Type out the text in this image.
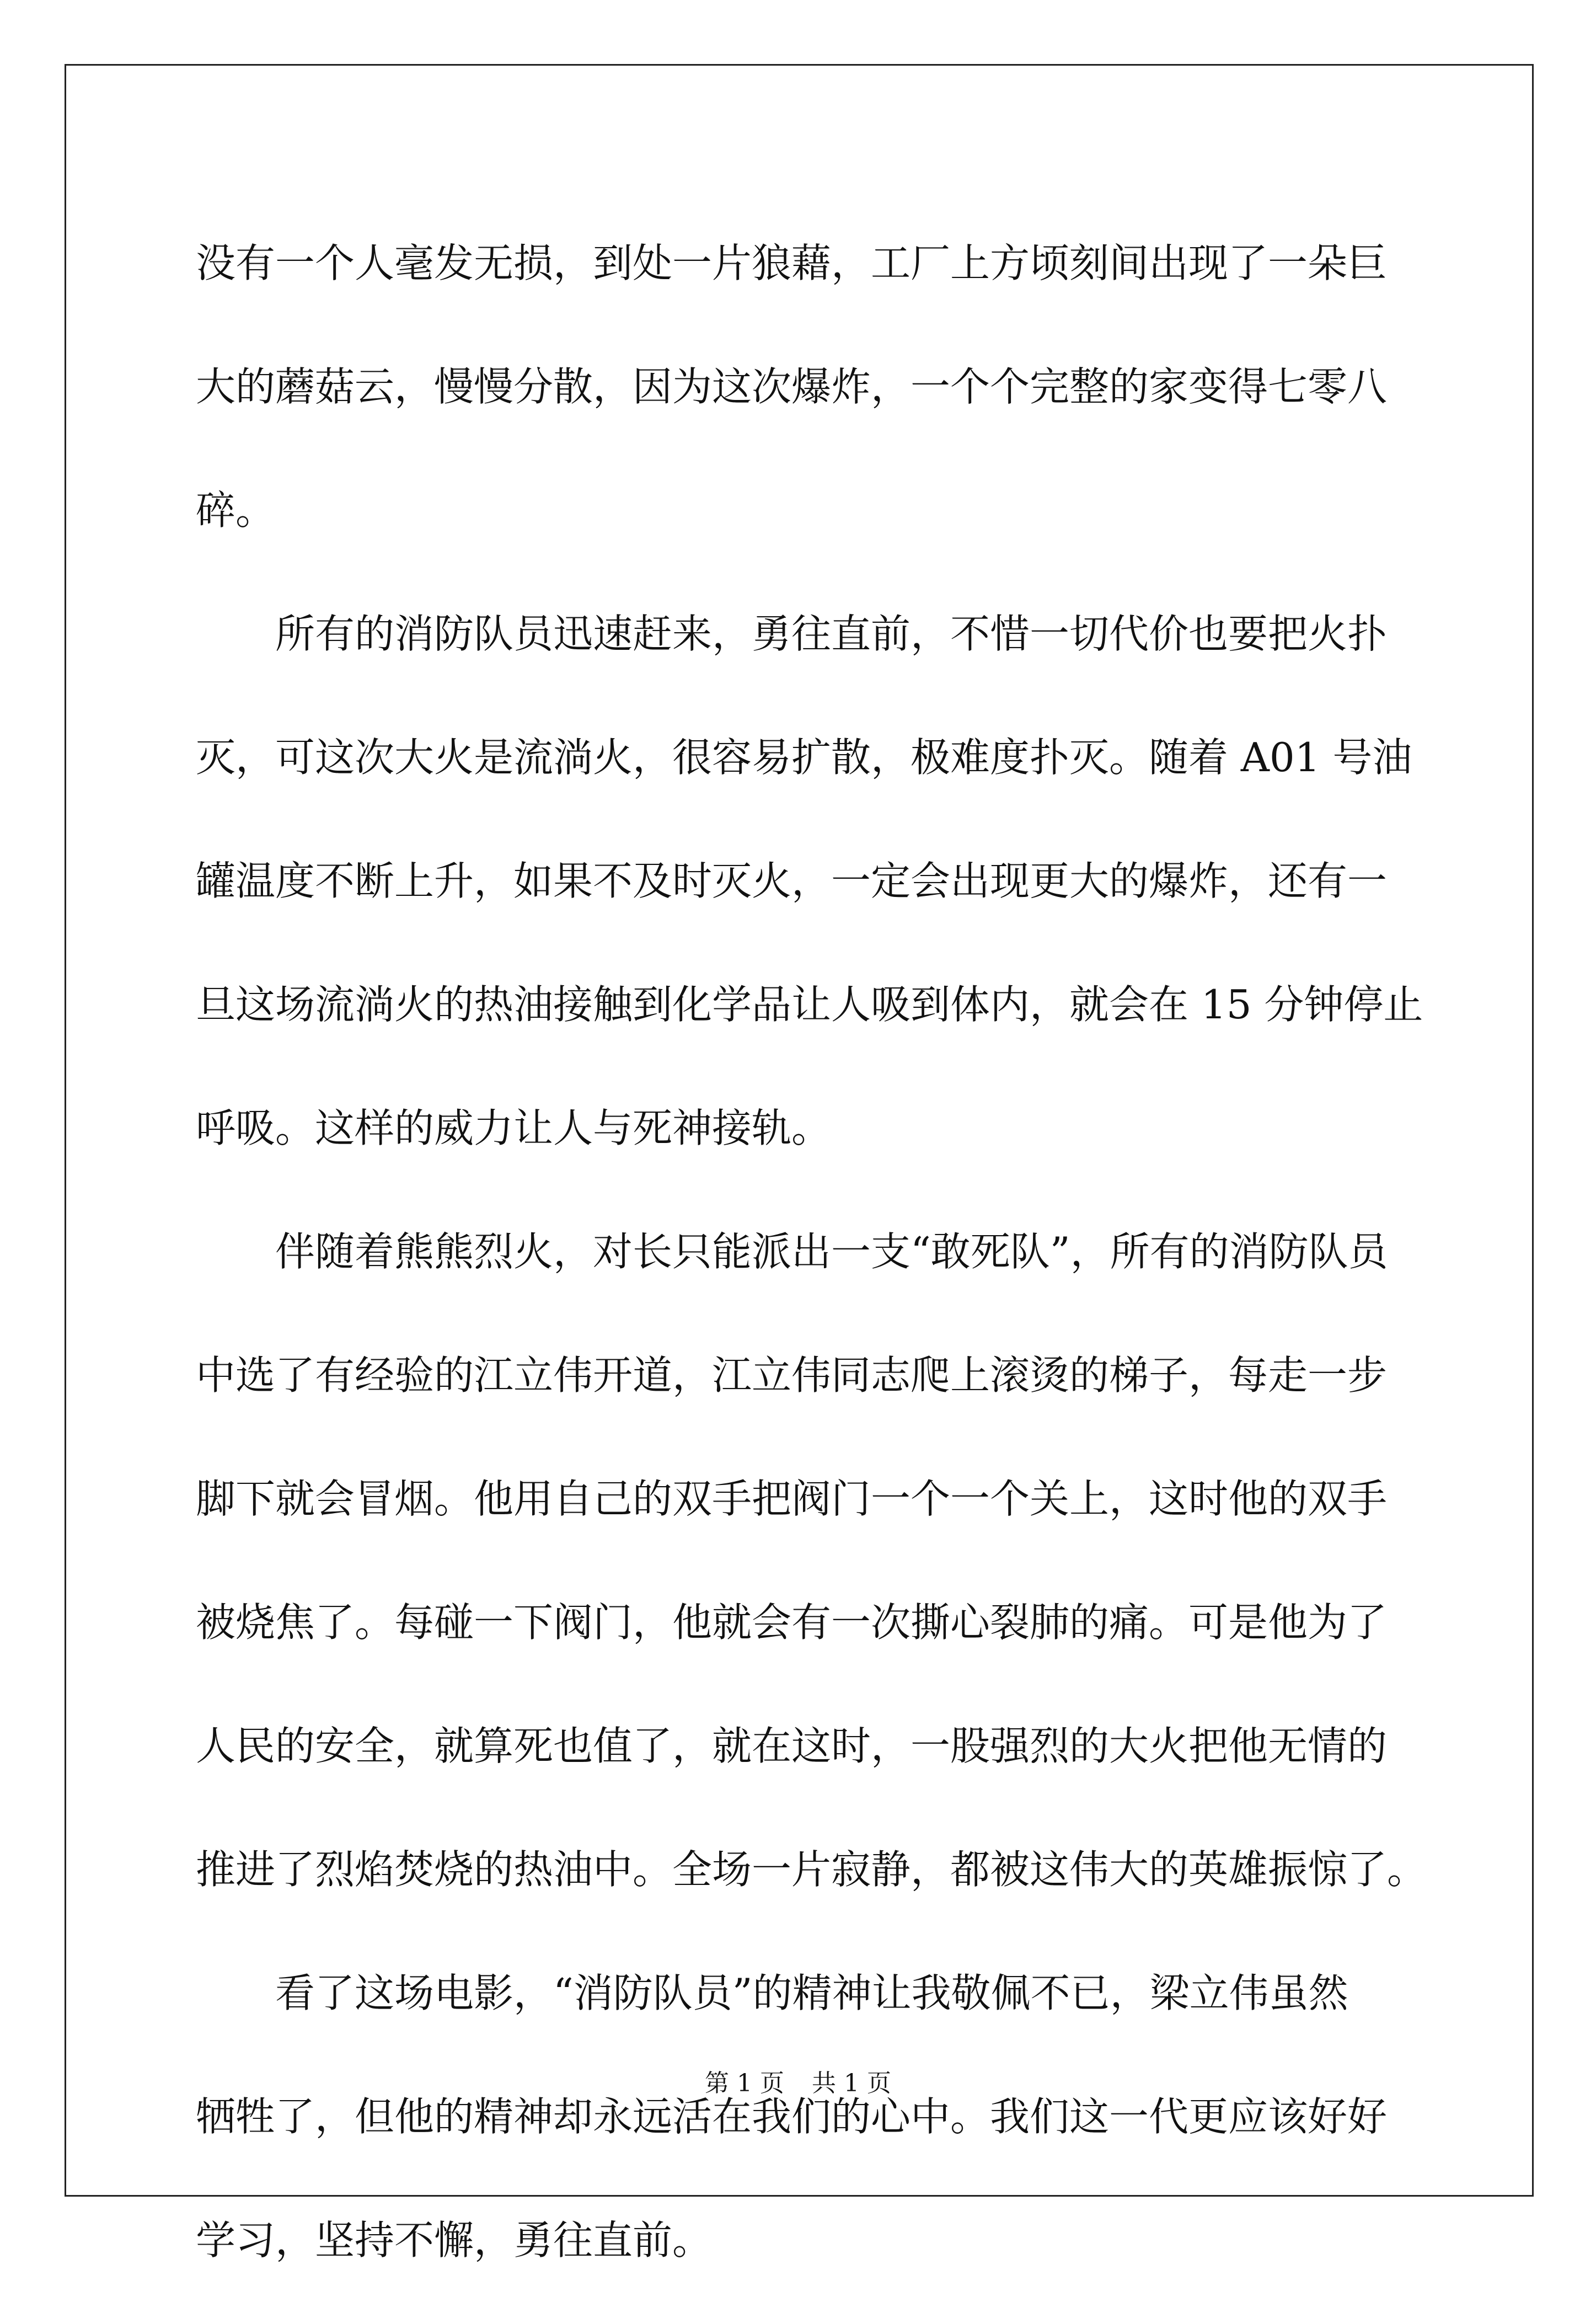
没有一个人毫发无损，到处一片狼藉，工厂上方顷刻间出现了一朵巨
大的蘑菇云，慢慢分散，因为这次爆炸，一个个完整的家变得七零八
碎。
所有的消防队员迅速赶来，勇往直前，不惜一切代价也要把火扑
灭，可这次大火是流淌火，很容易扩散，极难度扑灭。随着 A01 号油
罐温度不断上升，如果不及时灭火，一定会出现更大的爆炸，还有一
旦这场流淌火的热油接触到化学品让人吸到体内，就会在 15 分钟停止
呼吸。这样的威力让人与死神接轨。
伴随着熊熊烈火，对长只能派出一支“敢死队”，所有的消防队员
中选了有经验的江立伟开道，江立伟同志爬上滚烫的梯子，每走一步
脚下就会冒烟。他用自己的双手把阀门一个一个关上，这时他的双手
被烧焦了。每碰一下阀门，他就会有一次撕心裂肺的痛。可是他为了
人民的安全，就算死也值了，就在这时，一股强烈的大火把他无情的
推进了烈焰焚烧的热油中。全场一片寂静，都被这伟大的英雄振惊了。
看了这场电影，“消防队员”的精神让我敬佩不已，梁立伟虽然
牺牲了，但他的精神却永远活在我们的心中。我们这一代更应该好好
学习，坚持不懈，勇往直前。
第 1 页 共 1 页
